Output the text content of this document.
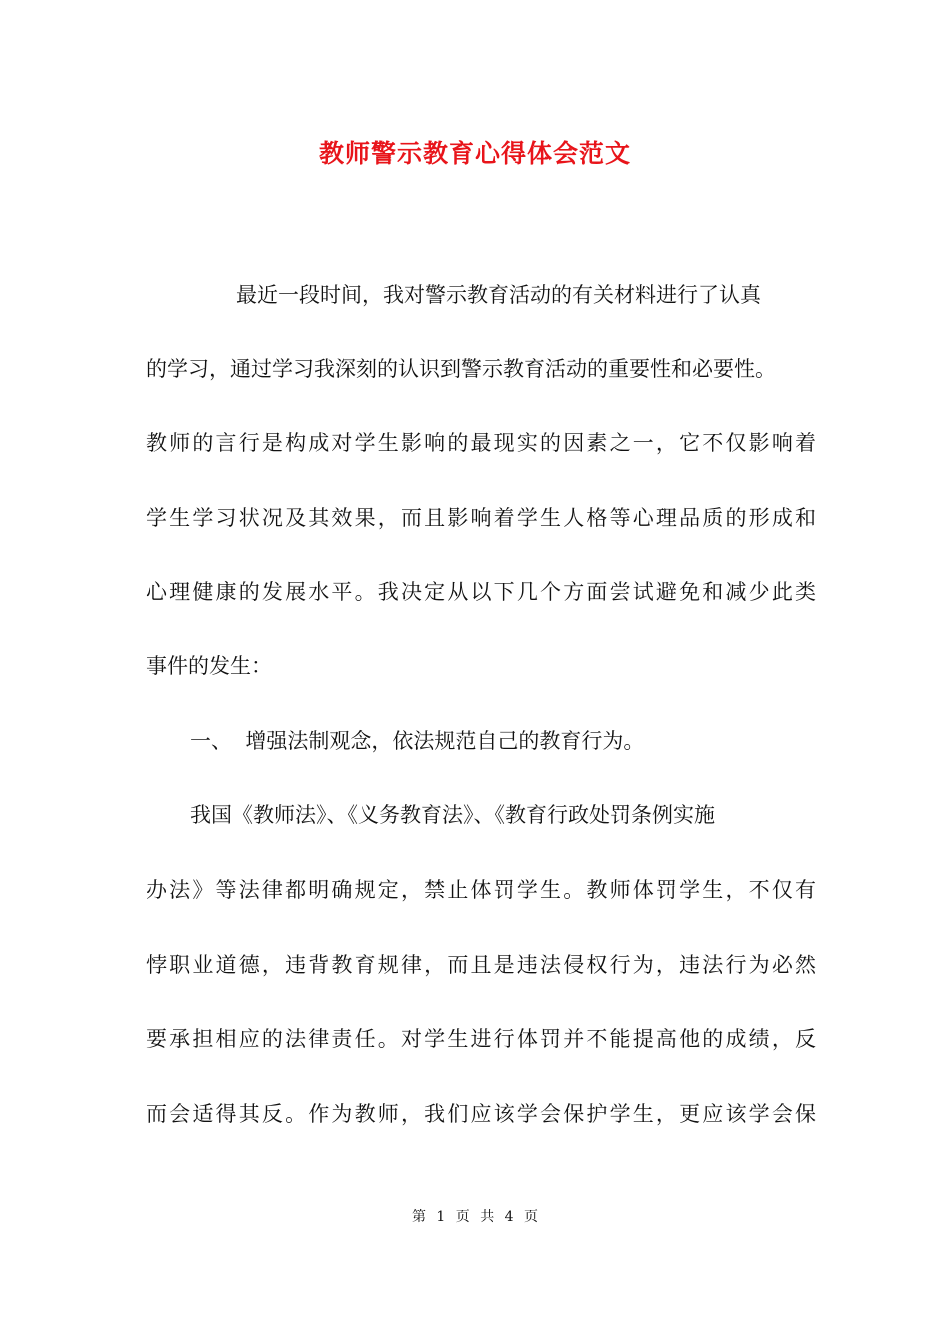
教师警示教育心得体会范文

最近一段时间，我对警示教育活动的有关材料进行了认真

的学习，通过学习我深刻的认识到警示教育活动的重要性和必要性。

教师的言行是构成对学生影响的最现实的因素之一，它不仅影响着

学生学习状况及其效果，而且影响着学生人格等心理品质的形成和

心理健康的发展水平。我决定从以下几个方面尝试避免和减少此类

事件的发生：

一、  增强法制观念，依法规范自己的教育行为。

我国《教师法》、《义务教育法》、《教育行政处罚条例实施

办法》等法律都明确规定，禁止体罚学生。教师体罚学生，不仅有

悖职业道德，违背教育规律，而且是违法侵权行为，违法行为必然

要承担相应的法律责任。对学生进行体罚并不能提高他的成绩，反

而会适得其反。作为教师，我们应该学会保护学生，更应该学会保

第 1 页 共 4 页
